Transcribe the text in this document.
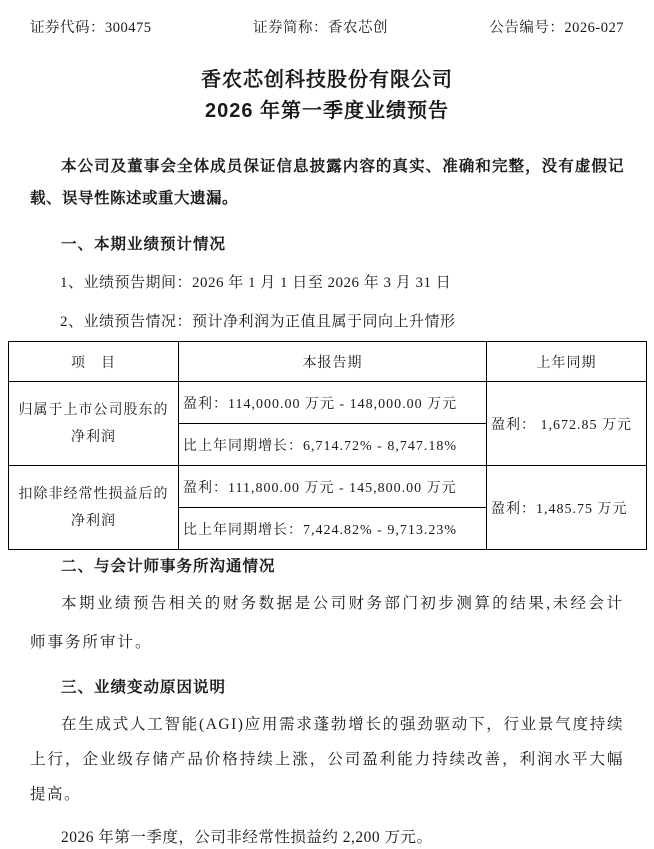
证券代码：300475	证券简称：香农芯创	公告编号：2026-027
香农芯创科技股份有限公司
2026 年第一季度业绩预告

本公司及董事会全体成员保证信息披露内容的真实、准确和完整，没有虚假记载、误导性陈述或重大遗漏。

一、本期业绩预计情况
1、业绩预告期间：2026 年 1 月 1 日至 2026 年 3 月 31 日
2、业绩预告情况：预计净利润为正值且属于同向上升情形
项　目	本报告期	上年同期
归属于上市公司股东的净利润	盈利：114,000.00 万元 - 148,000.00 万元	盈利： 1,672.85 万元
	比上年同期增长：6,714.72% - 8,747.18%	
扣除非经常性损益后的净利润	盈利：111,800.00 万元 - 145,800.00 万元	盈利：1,485.75 万元
	比上年同期增长：7,424.82% - 9,713.23%	
二、与会计师事务所沟通情况

本期业绩预告相关的财务数据是公司财务部门初步测算的结果,未经会计师事务所审计。

三、业绩变动原因说明

在生成式人工智能(AGI)应用需求蓬勃增长的强劲驱动下，行业景气度持续上行，企业级存储产品价格持续上涨，公司盈利能力持续改善，利润水平大幅提高。

2026 年第一季度，公司非经常性损益约 2,200 万元。
